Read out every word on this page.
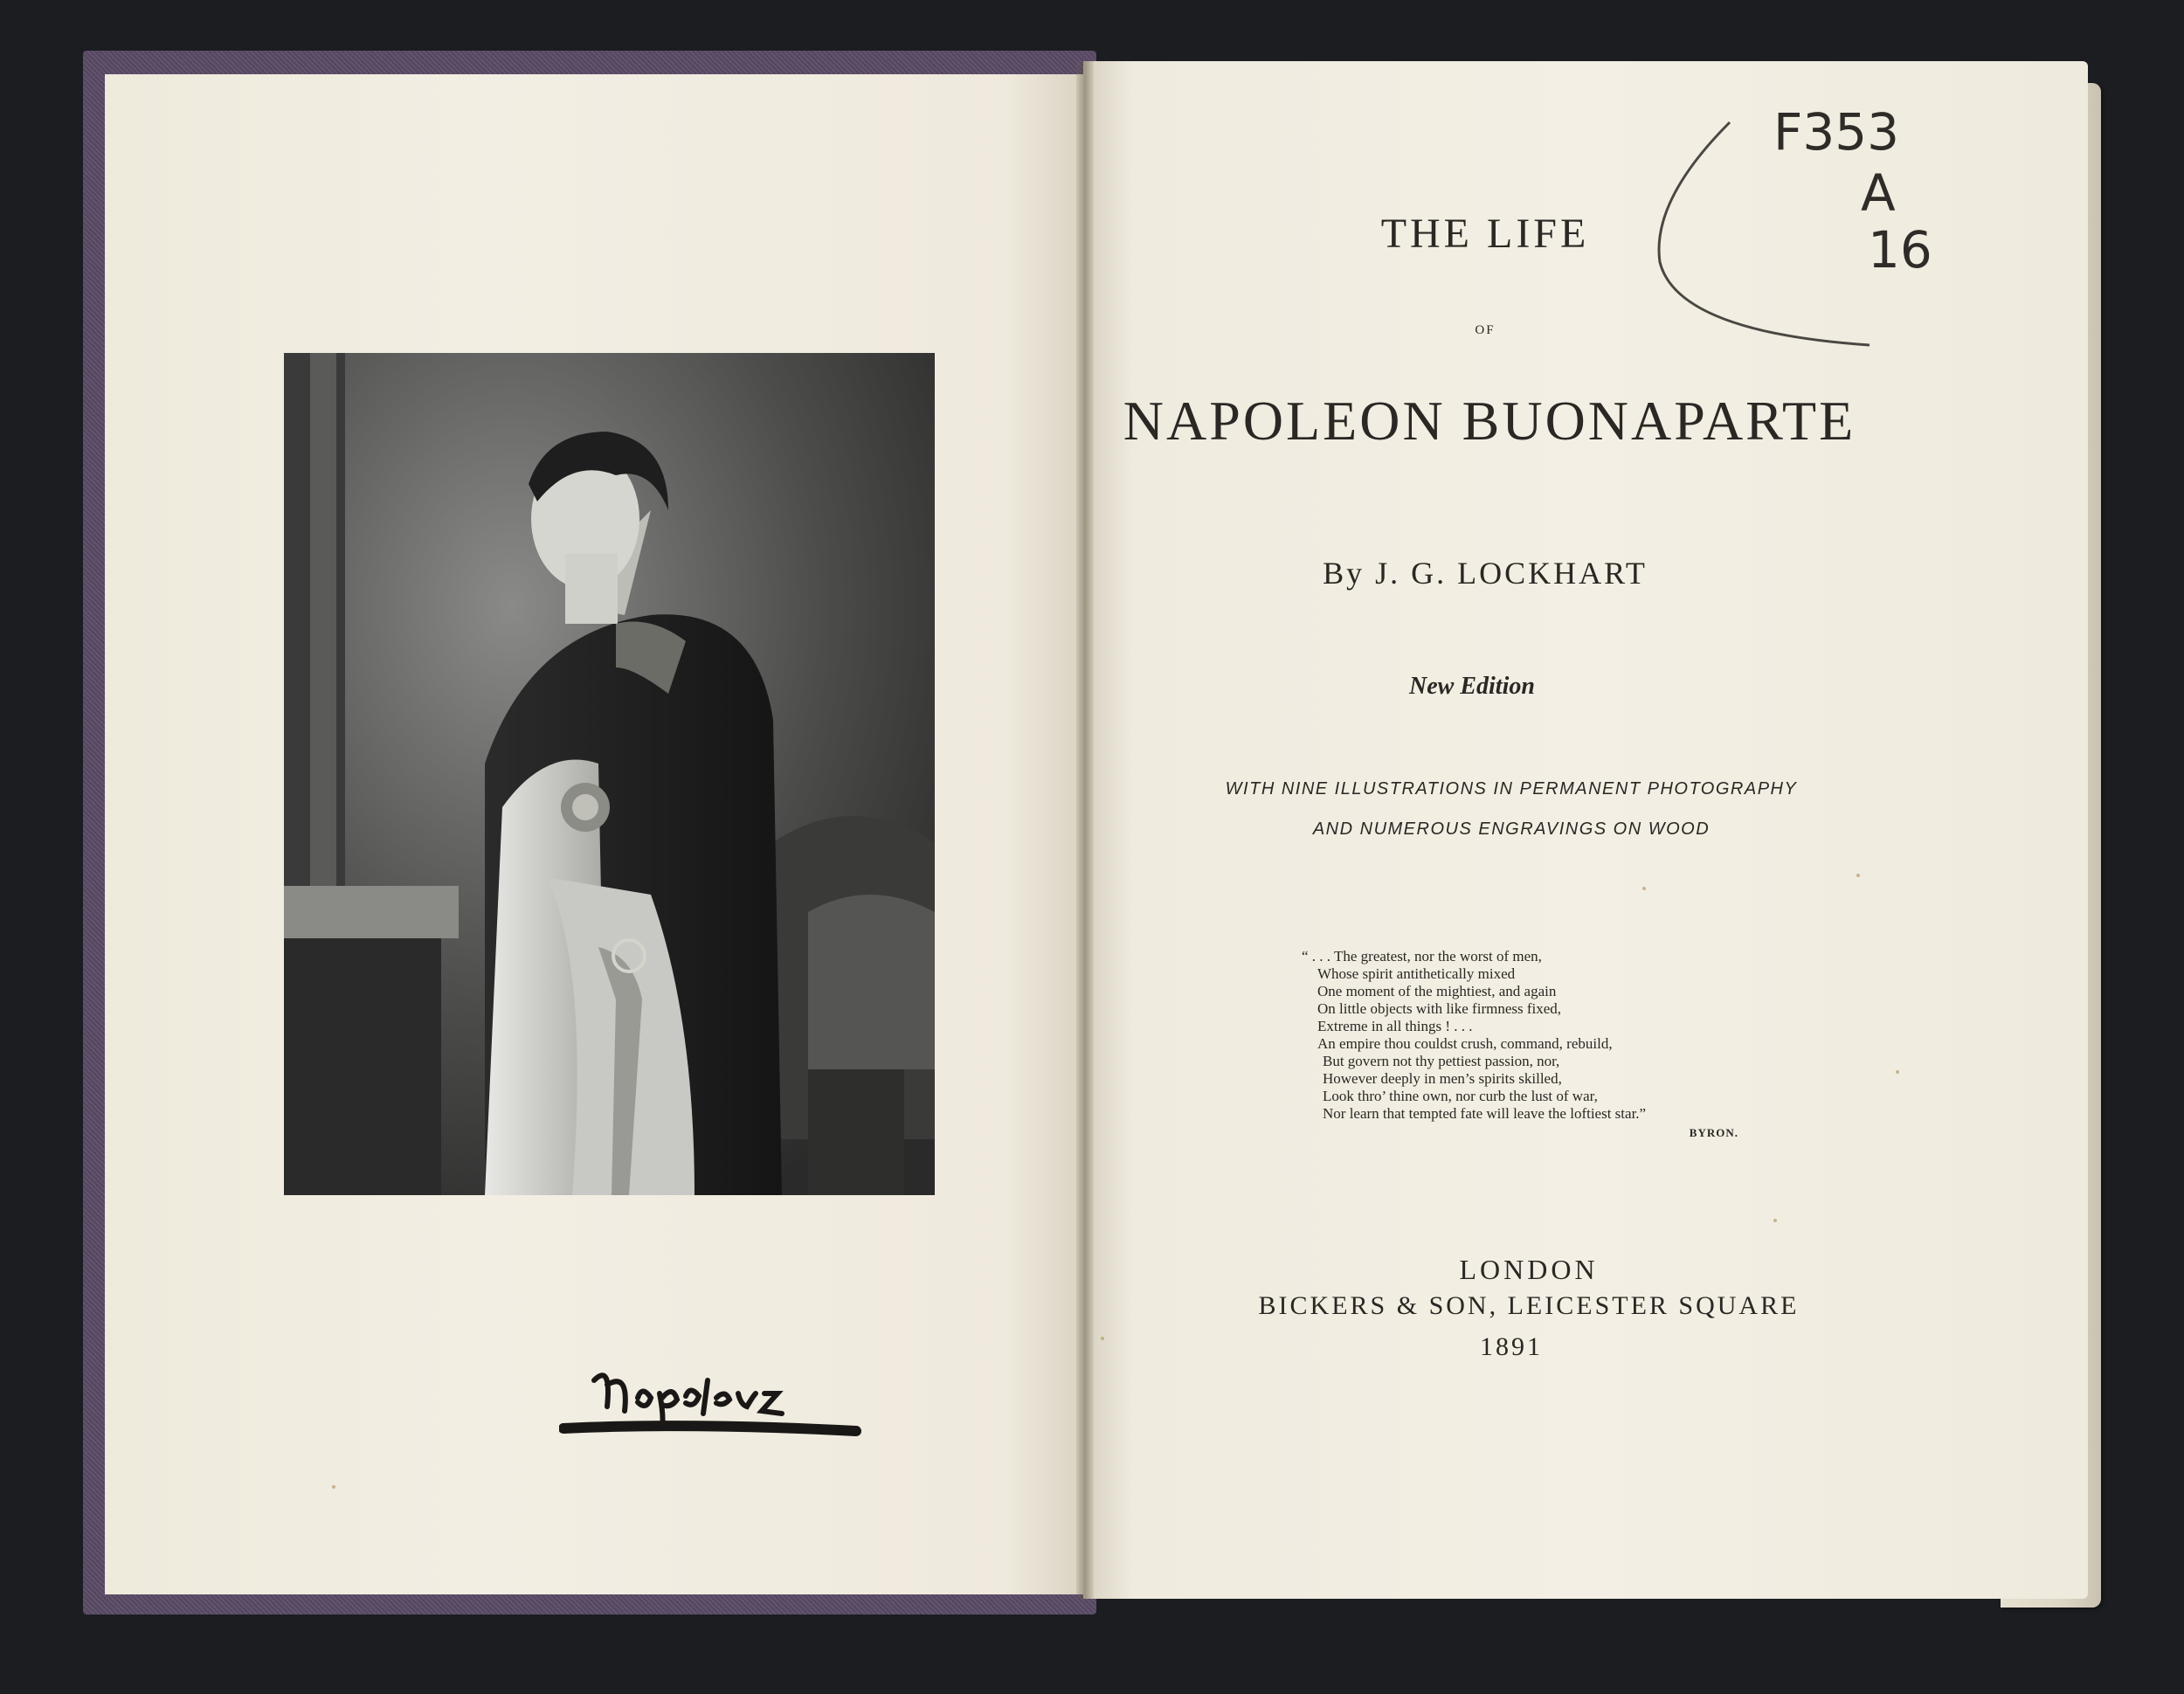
THE LIFE
OF
NAPOLEON BUONAPARTE
By J. G. LOCKHART
New Edition
WITH NINE ILLUSTRATIONS IN PERMANENT PHOTOGRAPHY
AND NUMEROUS ENGRAVINGS ON WOOD
“ . . . The greatest, nor the worst of men,
Whose spirit antithetically mixed
One moment of the mightiest, and again
On little objects with like firmness fixed,
Extreme in all things ! . . .
An empire thou couldst crush, command, rebuild,
But govern not thy pettiest passion, nor,
However deeply in men’s spirits skilled,
Look thro’ thine own, nor curb the lust of war,
Nor learn that tempted fate will leave the loftiest star.”
BYRON.
LONDON
BICKERS & SON, LEICESTER SQUARE
1891
F353
A
16
